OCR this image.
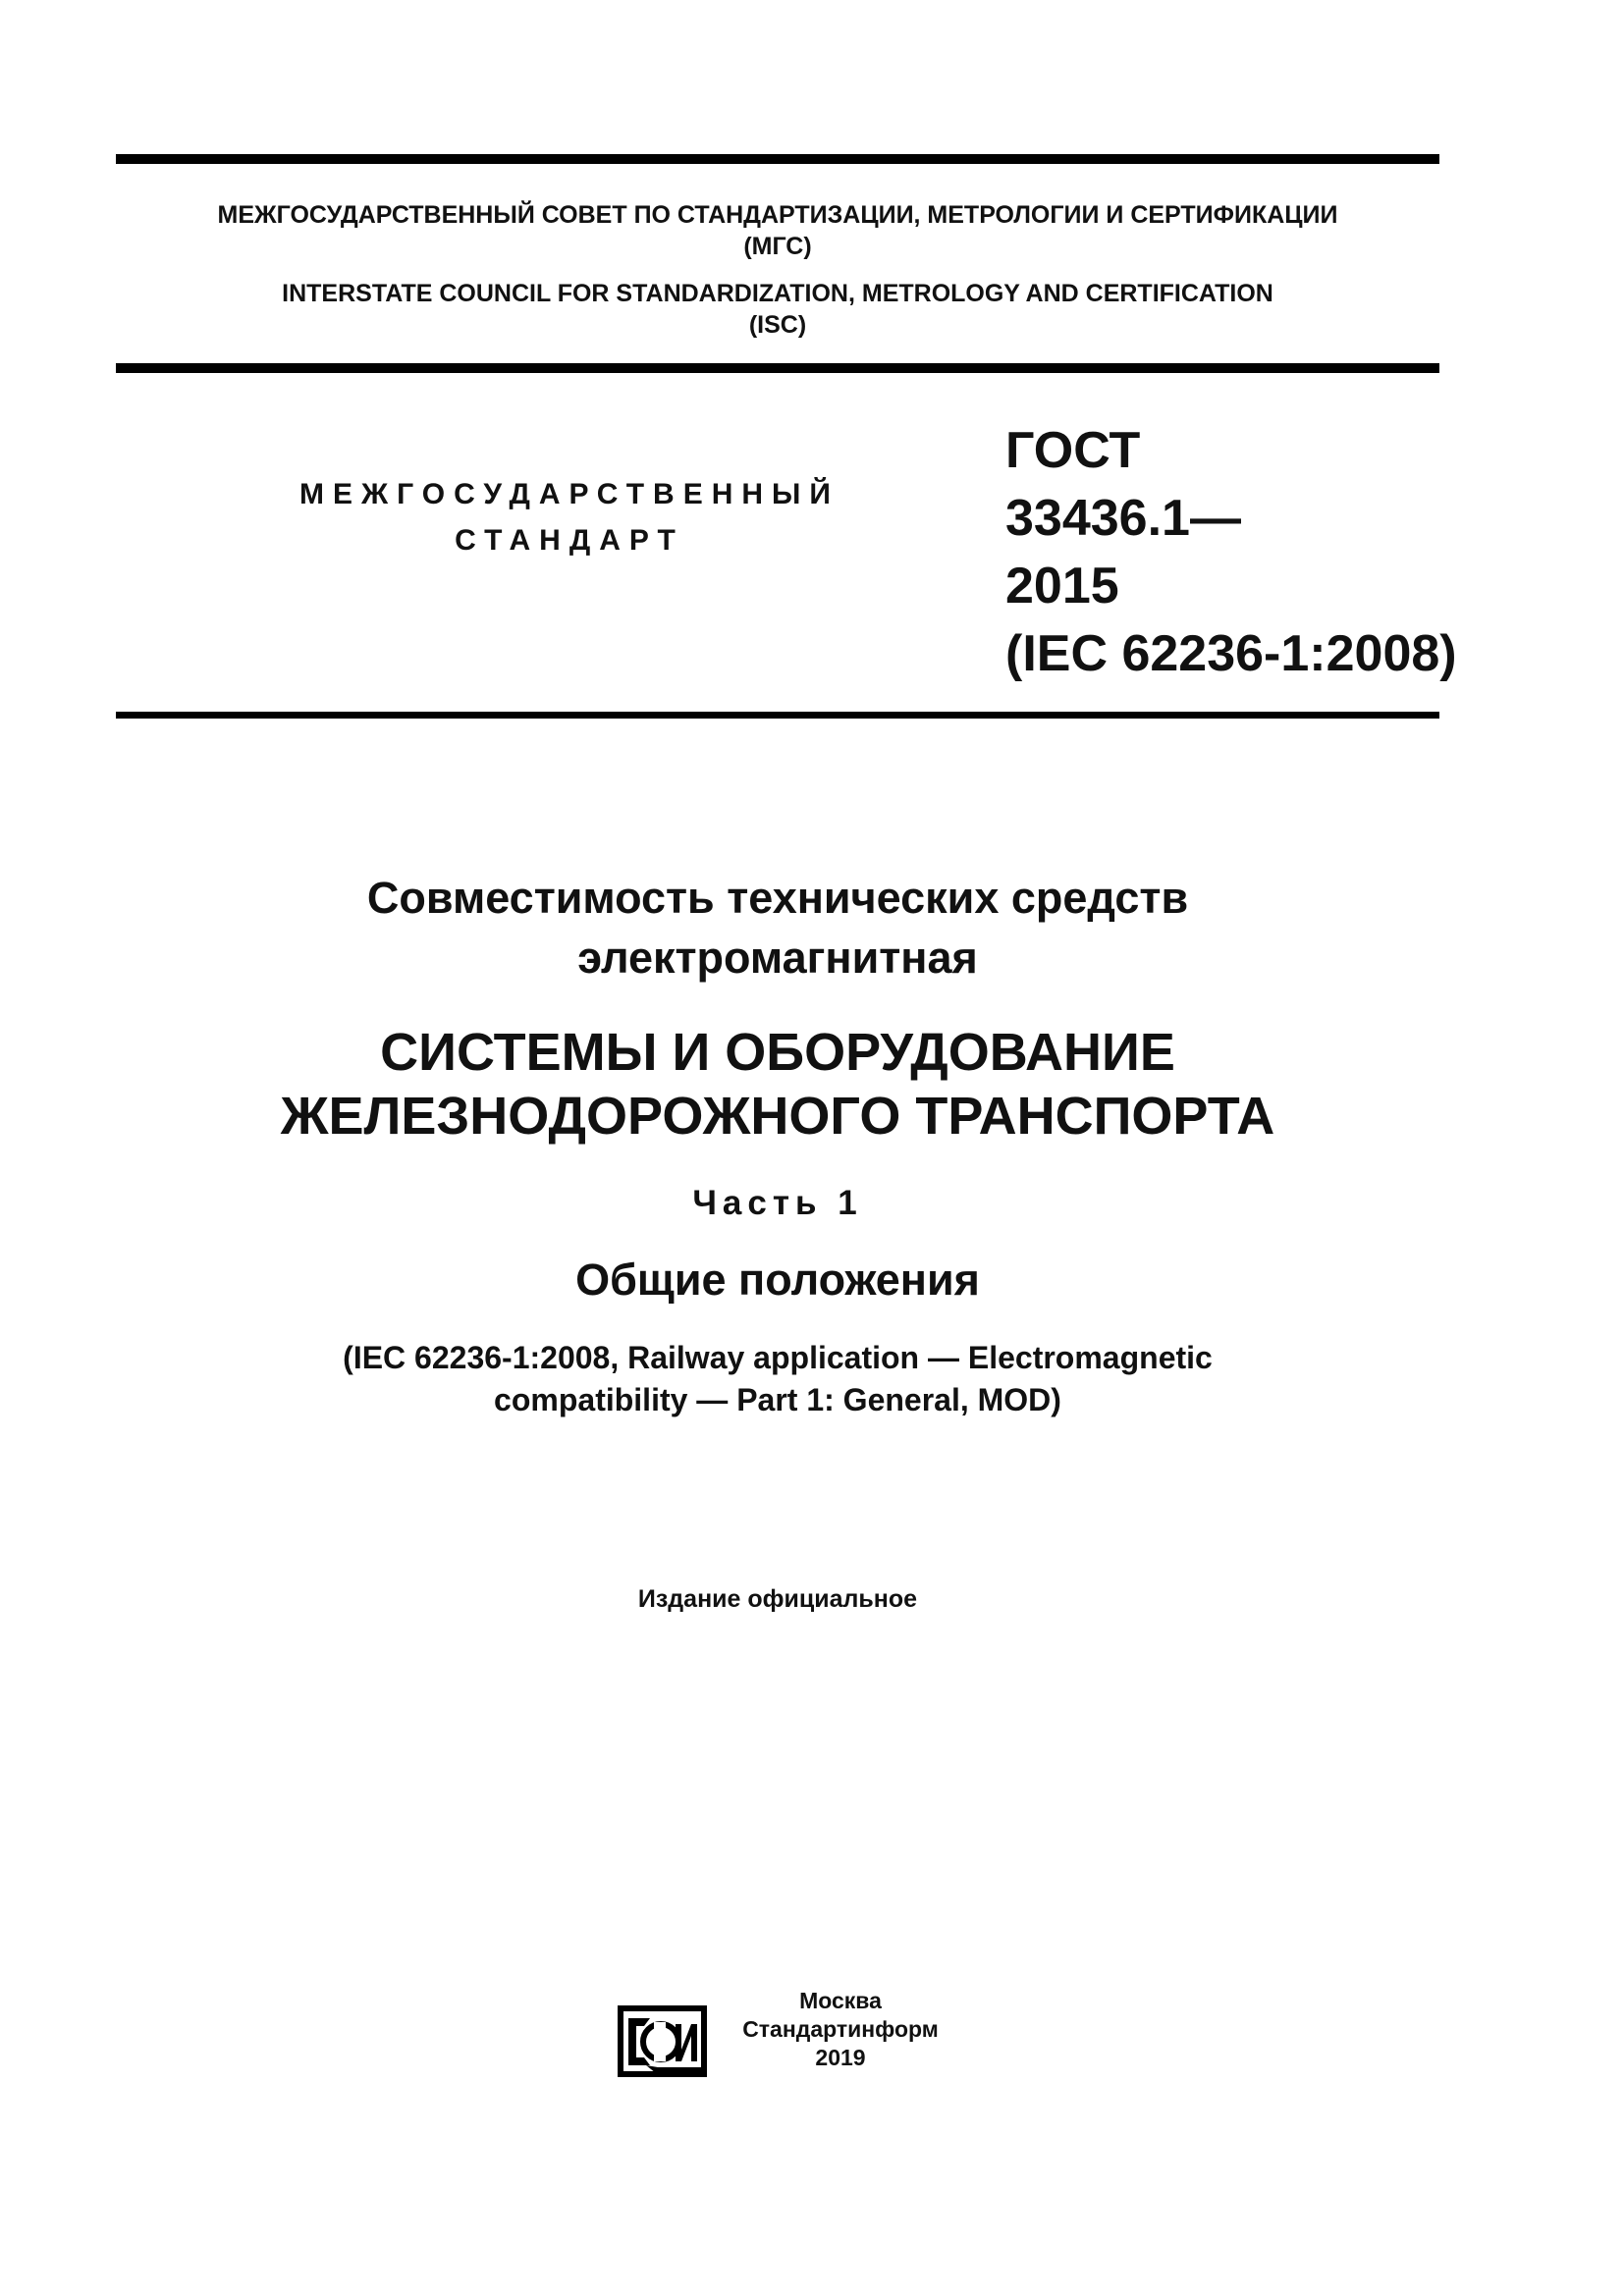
МЕЖГОСУДАРСТВЕННЫЙ СОВЕТ ПО СТАНДАРТИЗАЦИИ, МЕТРОЛОГИИ И СЕРТИФИКАЦИИ
(МГС)
INTERSTATE COUNCIL FOR STANDARDIZATION, METROLOGY AND CERTIFICATION
(ISC)
МЕЖГОСУДАРСТВЕННЫЙ
СТАНДАРТ
ГОСТ
33436.1—
2015
(IEC 62236-1:2008)
Совместимость технических средств
электромагнитная
СИСТЕМЫ И ОБОРУДОВАНИЕ
ЖЕЛЕЗНОДОРОЖНОГО ТРАНСПОРТА
Часть 1
Общие положения
(IEC 62236-1:2008, Railway application — Electromagnetic
compatibility — Part 1: General, MOD)
Издание официальное
Москва
Стандартинформ
2019
